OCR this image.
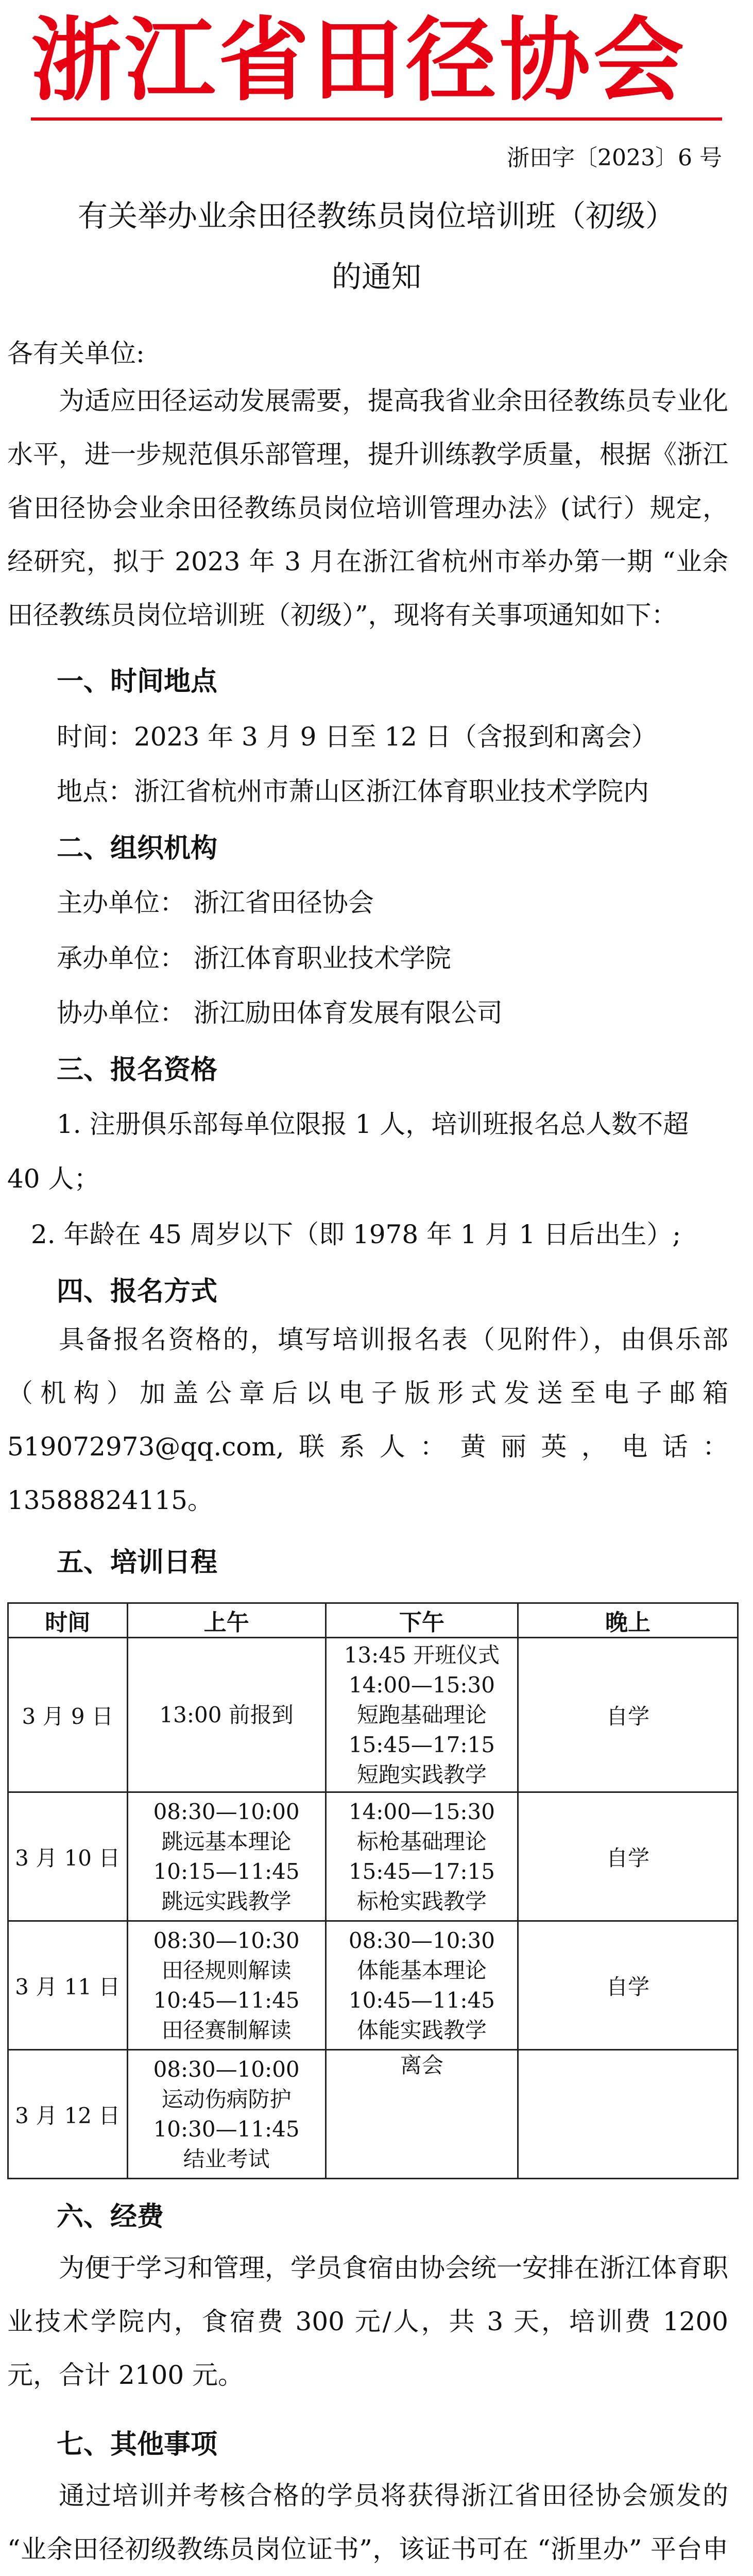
浙江省田径协会
浙田字〔2023〕6 号
有关举办业余田径教练员岗位培训班（初级）
的通知
各有关单位:
为适应田径运动发展需要，提高我省业余田径教练员专业化水平，进一步规范俱乐部管理，提升训练教学质量，根据《浙江省田径协会业余田径教练员岗位培训管理办法》(试行）规定，经研究，拟于 2023 年 3 月在浙江省杭州市举办第一期 “业余田径教练员岗位培训班（初级）”，现将有关事项通知如下：
一、时间地点
时间：2023 年 3 月 9 日至 12 日（含报到和离会）
地点：浙江省杭州市萧山区浙江体育职业技术学院内
二、组织机构
主办单位： 浙江省田径协会
承办单位： 浙江体育职业技术学院
协办单位： 浙江励田体育发展有限公司
三、报名资格
1. 注册俱乐部每单位限报 1 人，培训班报名总人数不超
40 人；
2. 年龄在 45 周岁以下（即 1978 年 1 月 1 日后出生）;
四、报名方式
具备报名资格的，填写培训报名表（见附件），由俱乐部（机构）加盖公章后以电子版形式发送至电子邮箱 519072973@qq.com,联系人：黄丽英，电话：13588824115。
五、培训日程
时间	上午	下午	晚上
3 月 9 日	13:00 前报到	13:45 开班仪式
14:00—15:30
短跑基础理论
15:45—17:15
短跑实践教学	自学
3 月 10 日	08:30—10:00
跳远基本理论
10:15—11:45
跳远实践教学	14:00—15:30
标枪基础理论
15:45—17:15
标枪实践教学	自学
3 月 11 日	08:30—10:30
田径规则解读
10:45—11:45
田径赛制解读	08:30—10:30
体能基本理论
10:45—11:45
体能实践教学	自学
3 月 12 日	08:30—10:00
运动伤病防护
10:30—11:45
结业考试	离会	

六、经费
为便于学习和管理，学员食宿由协会统一安排在浙江体育职业技术学院内，食宿费 300 元/人，共 3 天，培训费 1200 元，合计 2100 元。
七、其他事项
通过培训并考核合格的学员将获得浙江省田径协会颁发的 “业余田径初级教练员岗位证书”，该证书可在 “浙里办” 平台申
